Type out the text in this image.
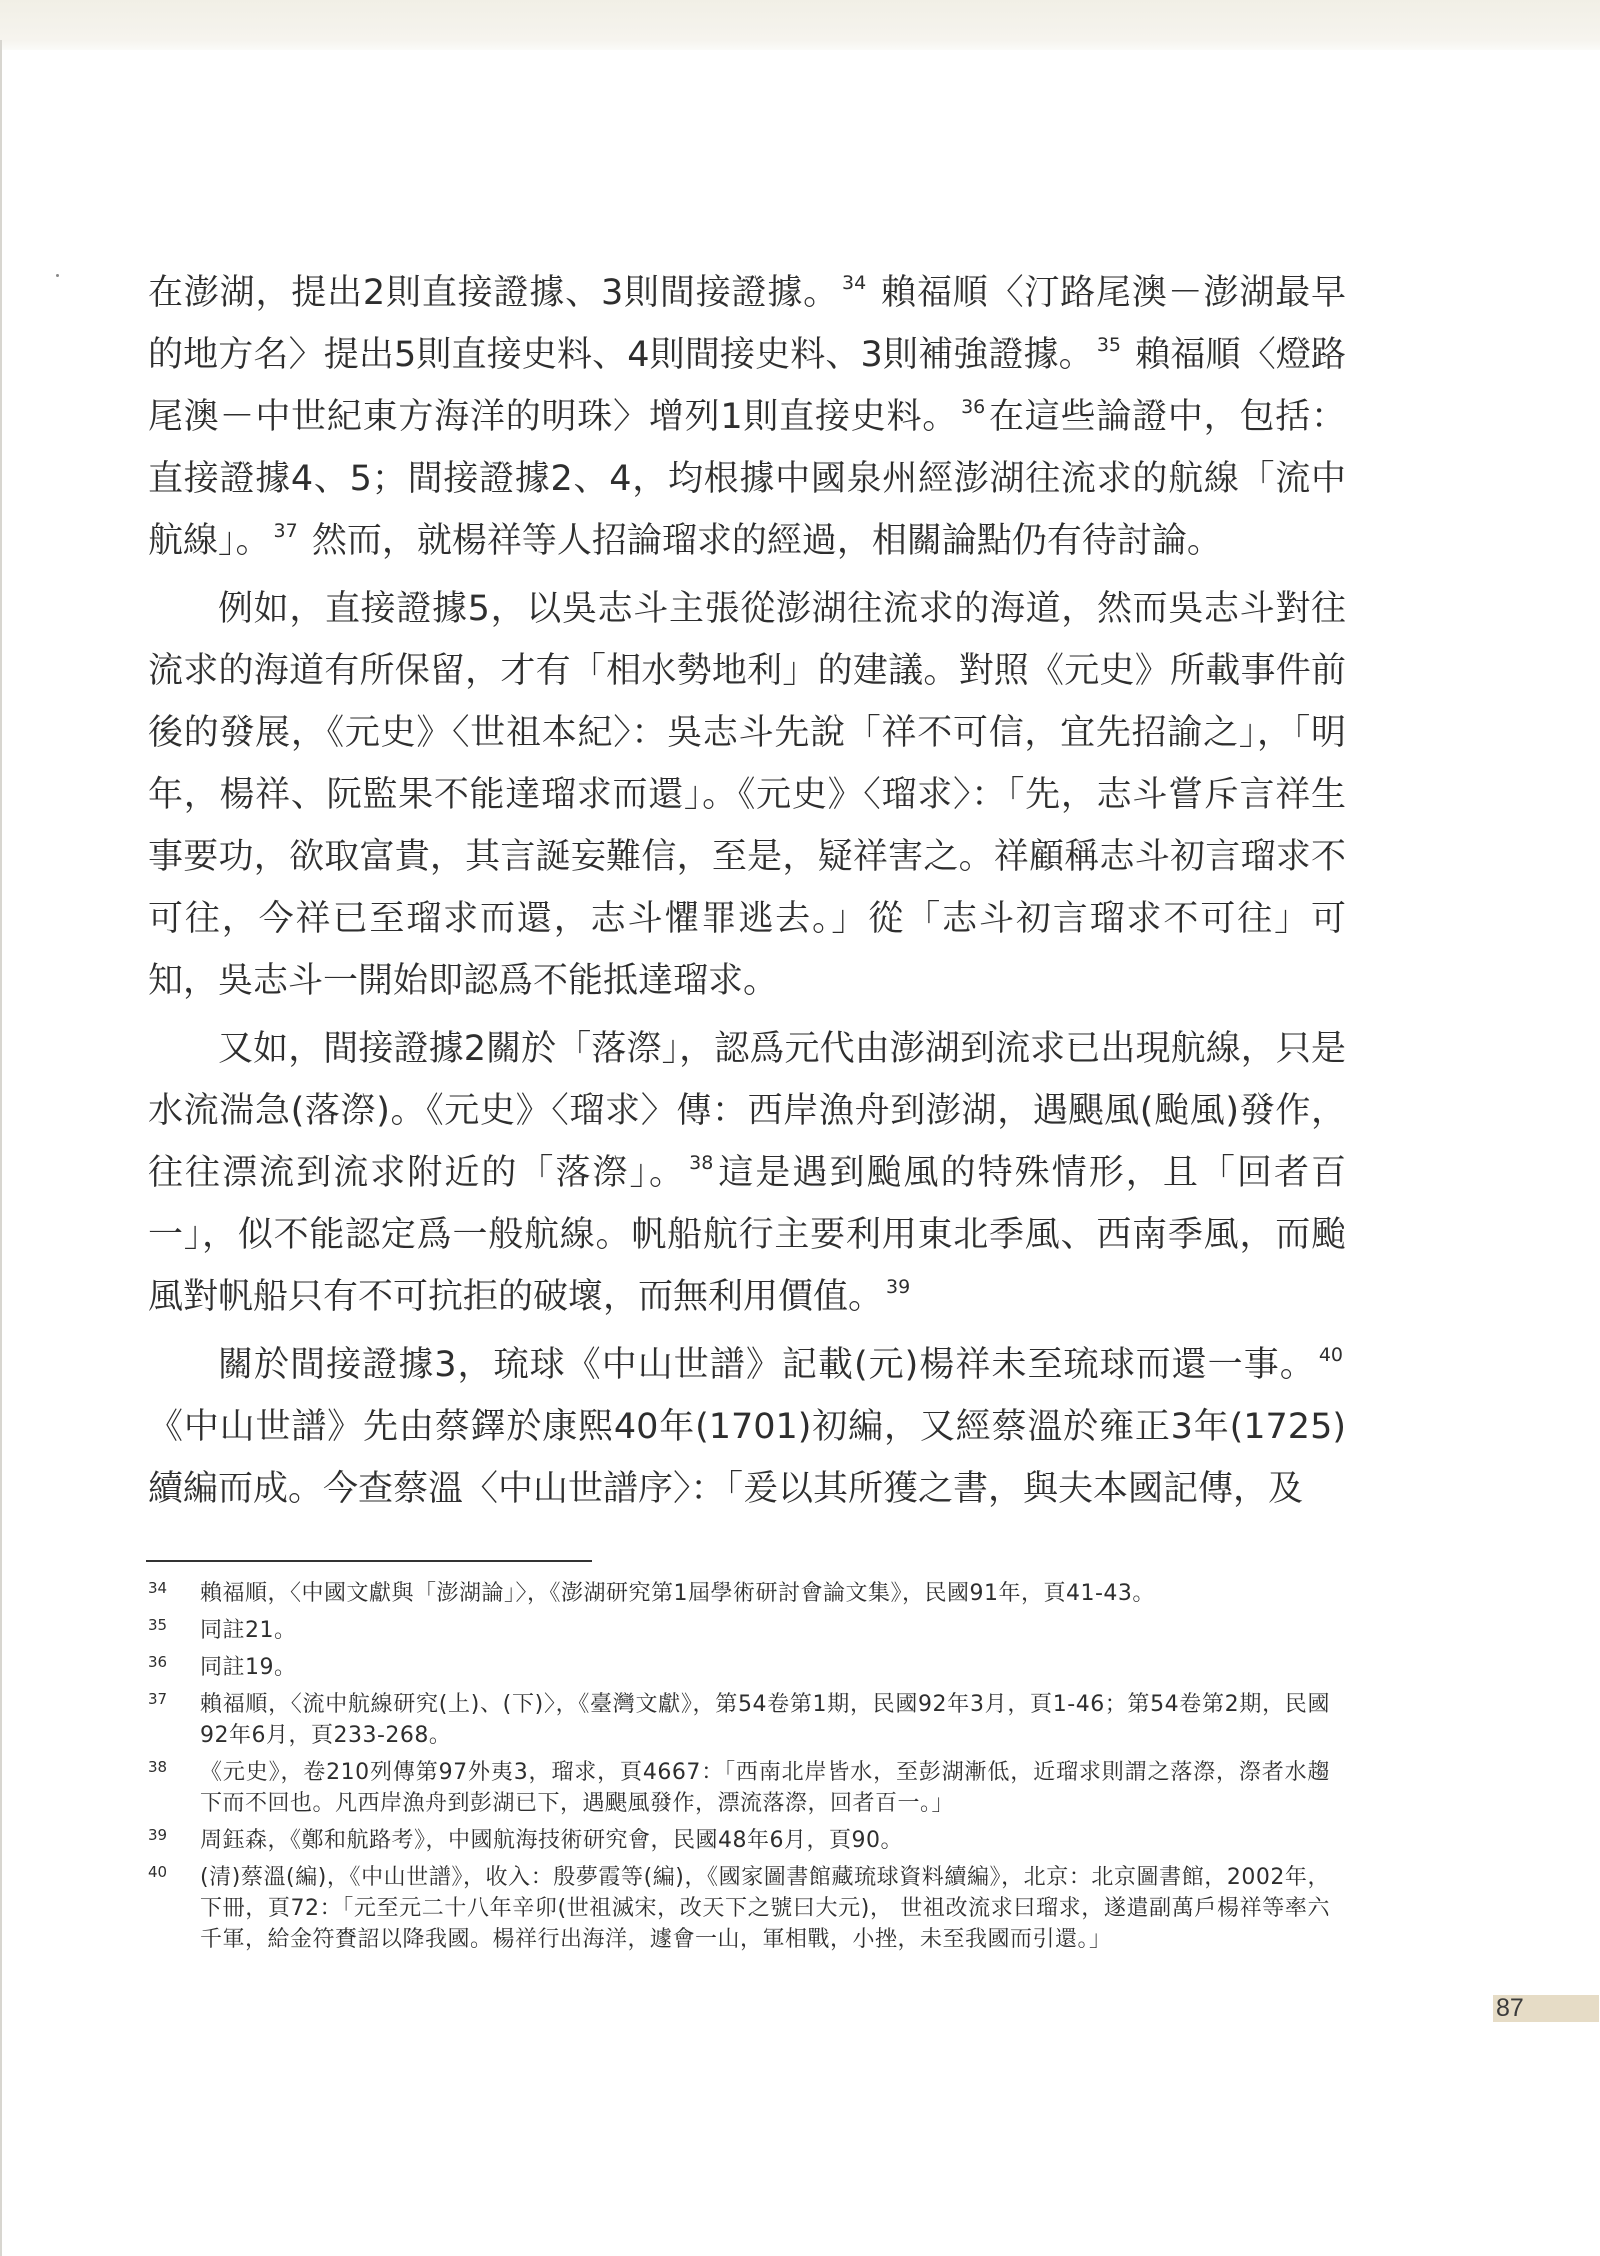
在澎湖，提出2則直接證據、3則間接證據。 $^{34}$ 賴福順〈汀路尾澳－澎湖最早的地方名〉提出5則直接史料、4則間接史料、3則補強證據。 $^{35}$ 賴福順〈燈路尾澳－中世紀東方海洋的明珠〉增列1則直接史料。 $^{36}$在這些論證中，包括：直接證據4、5；間接證據2、4，均根據中國泉州經澎湖往流求的航線「流中航線」。 $^{37}$ 然而，就楊祥等人招論瑠求的經過，相關論點仍有待討論。

例如，直接證據5，以吳志斗主張從澎湖往流求的海道，然而吳志斗對往流求的海道有所保留，才有「相水勢地利」的建議。對照《元史》所載事件前後的發展，《元史》〈世祖本紀〉：吳志斗先說「祥不可信，宜先招諭之」，「明年，楊祥、阮監果不能達瑠求而還」。《元史》〈瑠求〉：「先，志斗嘗斥言祥生事要功，欲取富貴，其言誕妄難信，至是，疑祥害之。祥顧稱志斗初言瑠求不可往，今祥已至瑠求而還，志斗懼罪逃去。」從「志斗初言瑠求不可往」可知，吳志斗一開始即認爲不能抵達瑠求。

又如，間接證據2關於「落漈」，認爲元代由澎湖到流求已出現航線，只是水流湍急(落漈)。《元史》〈瑠求〉傳：西岸漁舟到澎湖，遇颶風(颱風)發作，往往漂流到流求附近的「落漈」。 $^{38}$這是遇到颱風的特殊情形，且「回者百一」，似不能認定爲一般航線。帆船航行主要利用東北季風、西南季風，而颱風對帆船只有不可抗拒的破壞，而無利用價值。 $^{39}$

關於間接證據3，琉球《中山世譜》記載(元)楊祥未至琉球而還一事。 $^{40}$《中山世譜》先由蔡鐸於康熙40年(1701)初編，又經蔡溫於雍正3年(1725)續編而成。今查蔡溫〈中山世譜序〉：「爰以其所獲之書，與夫本國記傳，及

34	賴福順，〈中國文獻與「澎湖論」〉，《澎湖研究第1屆學術研討會論文集》，民國91年，頁41-43。
35	同註21。
36	同註19。
37	賴福順，〈流中航線研究(上)、(下)〉，《臺灣文獻》，第54卷第1期，民國92年3月，頁1-46；第54卷第2期，民國92年6月，頁233-268。
38	《元史》，卷210列傳第97外夷3，瑠求，頁4667：「西南北岸皆水，至彭湖漸低，近瑠求則謂之落漈，漈者水趨下而不回也。凡西岸漁舟到彭湖已下，遇颶風發作，漂流落漈，回者百一。」
39	周鈺森，《鄭和航路考》，中國航海技術研究會，民國48年6月，頁90。
40	(清)蔡溫(編)，《中山世譜》，收入：殷夢霞等(編)，《國家圖書館藏琉球資料續編》，北京：北京圖書館，2002年，下冊，頁72：「元至元二十八年辛卯(世祖滅宋，改天下之號曰大元)， 世祖改流求曰瑠求，遂遣副萬戶楊祥等率六千軍，給金符賚詔以降我國。楊祥行出海洋，遽會一山，軍相戰，小挫，未至我國而引還。」
87
